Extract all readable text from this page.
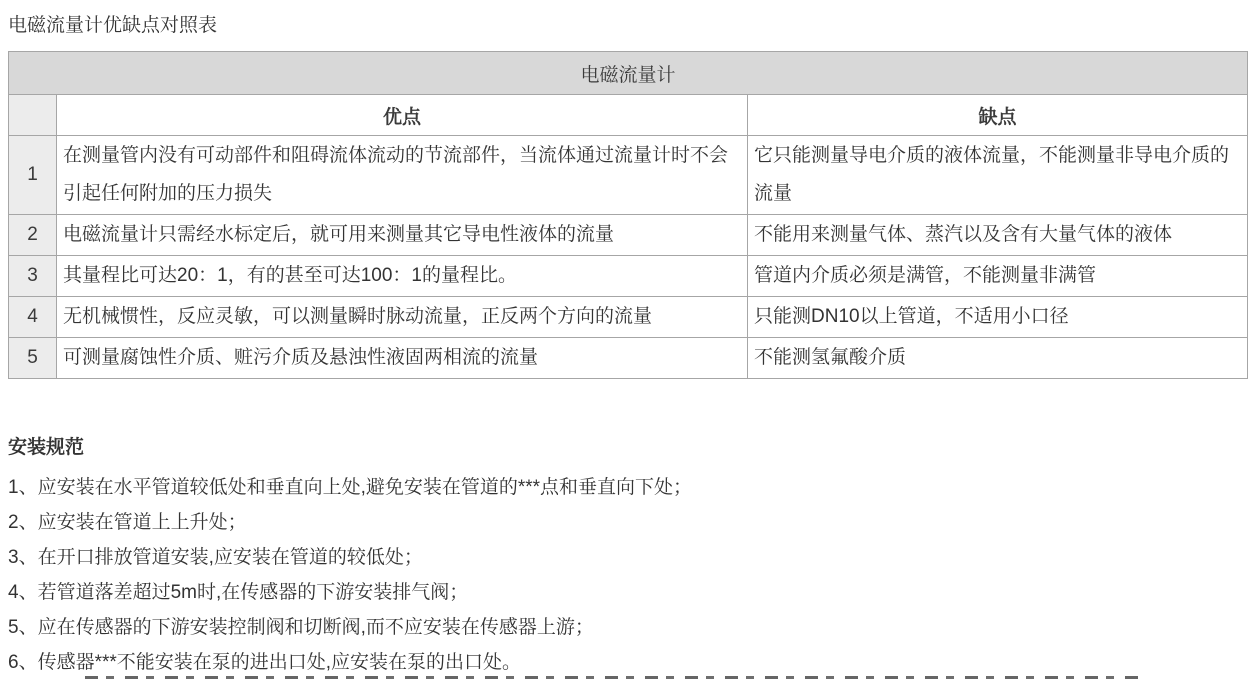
电磁流量计优缺点对照表

电磁流量计		
	优点	缺点
1	在测量管内没有可动部件和阻碍流体流动的节流部件，当流体通过流量计时不会引起任何附加的压力损失	它只能测量导电介质的液体流量，不能测量非导电介质的流量
2	电磁流量计只需经水标定后，就可用来测量其它导电性液体的流量	不能用来测量气体、蒸汽以及含有大量气体的液体
3	其量程比可达20：1，有的甚至可达100：1的量程比。	管道内介质必须是满管，不能测量非满管
4	无机械惯性，反应灵敏，可以测量瞬时脉动流量，正反两个方向的流量	只能测DN10以上管道，不适用小口径
5	可测量腐蚀性介质、赃污介质及悬浊性液固两相流的流量	不能测氢氟酸介质

安装规范

1、应安装在水平管道较低处和垂直向上处,避免安装在管道的***点和垂直向下处；
2、应安装在管道上上升处；
3、在开口排放管道安装,应安装在管道的较低处；
4、若管道落差超过5m时,在传感器的下游安装排气阀；
5、应在传感器的下游安装控制阀和切断阀,而不应安装在传感器上游；
6、传感器***不能安装在泵的进出口处,应安装在泵的出口处。
